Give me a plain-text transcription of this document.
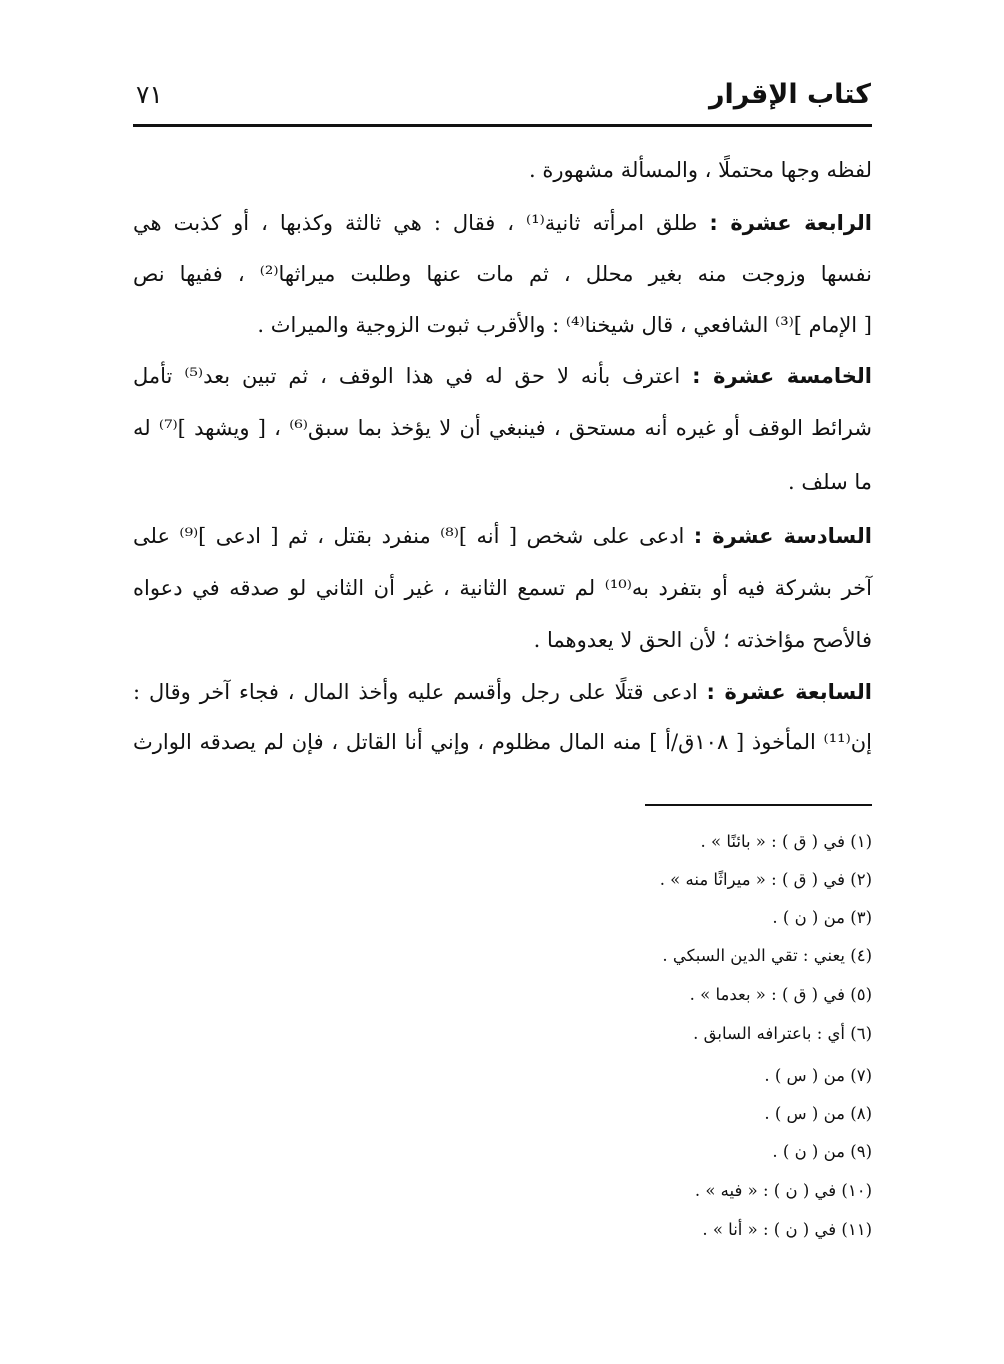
كتاب الإقرار
٧١
لفظه وجها محتملًا ، والمسألة مشهورة .
الرابعة عشرة : طلق امرأته ثانية⁽¹⁾ ، فقال : هي ثالثة وكذبها ، أو كذبت هي
نفسها وزوجت منه بغير محلل ، ثم مات عنها وطلبت ميراثها⁽²⁾ ، ففيها نص
[ الإمام ]⁽³⁾ الشافعي ، قال شيخنا⁽⁴⁾ : والأقرب ثبوت الزوجية والميراث .
الخامسة عشرة : اعترف بأنه لا حق له في هذا الوقف ، ثم تبين بعد⁽⁵⁾ تأمل
شرائط الوقف أو غيره أنه مستحق ، فينبغي أن لا يؤخذ بما سبق⁽⁶⁾ ، [ ويشهد ]⁽⁷⁾ له
ما سلف .
السادسة عشرة : ادعى على شخص [ أنه ]⁽⁸⁾ منفرد بقتل ، ثم [ ادعى ]⁽⁹⁾ على
آخر بشركة فيه أو بتفرد به⁽¹⁰⁾ لم تسمع الثانية ، غير أن الثاني لو صدقه في دعواه
فالأصح مؤاخذته ؛ لأن الحق لا يعدوهما .
السابعة عشرة : ادعى قتلًا على رجل وأقسم عليه وأخذ المال ، فجاء آخر وقال :
إن⁽¹¹⁾ المأخوذ [ ١٠٨ق/أ ] منه المال مظلوم ، وإني أنا القاتل ، فإن لم يصدقه الوارث
(١) في ( ق ) : « بائنًا » .
(٢) في ( ق ) : « ميراثًا منه » .
(٣) من ( ن ) .
(٤) يعني : تقي الدين السبكي .
(٥) في ( ق ) : « بعدما » .
(٦) أي : باعترافه السابق .
(٧) من ( س ) .
(٨) من ( س ) .
(٩) من ( ن ) .
(١٠) في ( ن ) : « فيه » .
(١١) في ( ن ) : « أنا » .
